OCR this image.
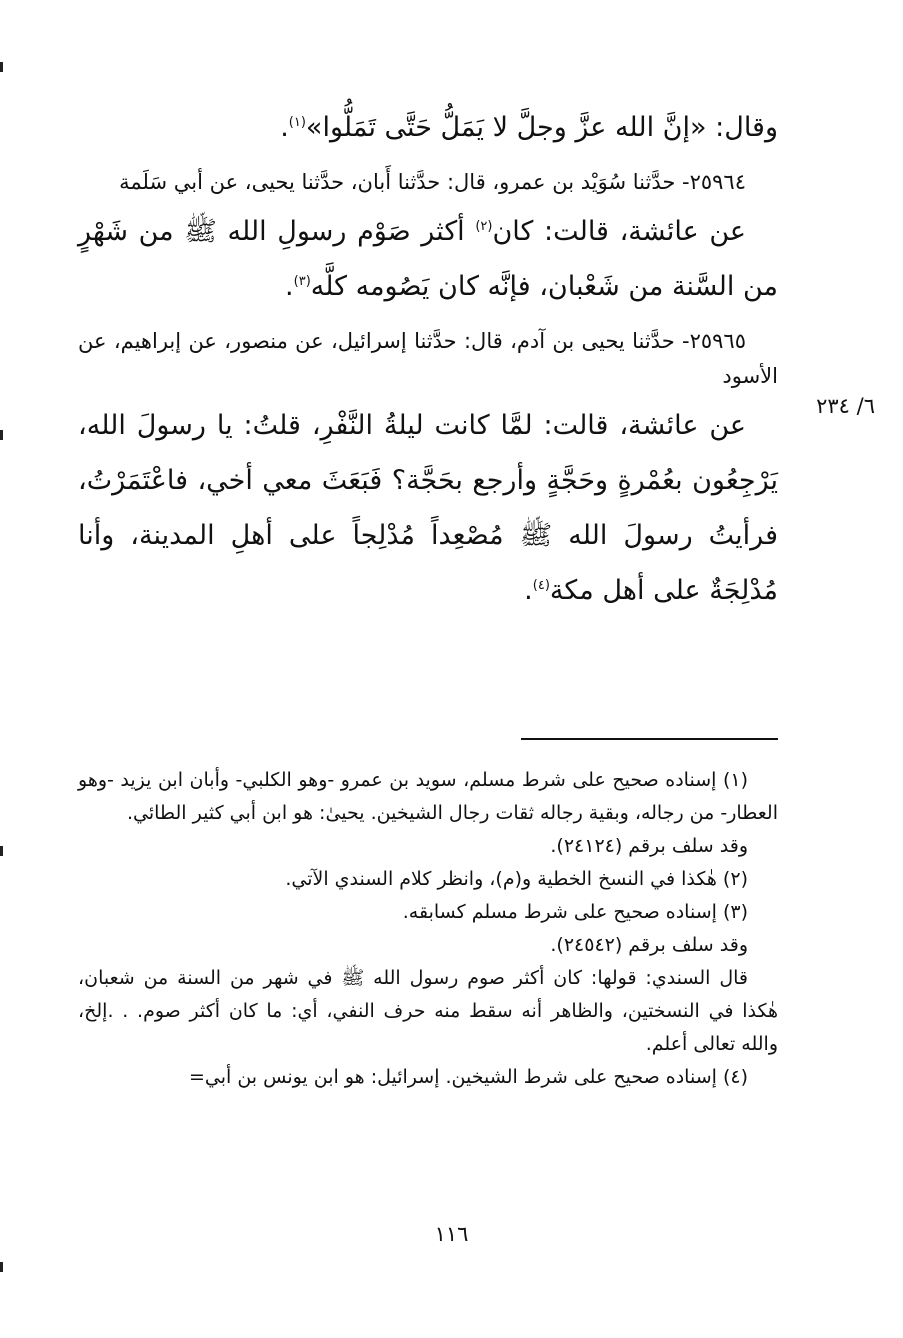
وقال: «إنَّ الله عزَّ وجلَّ لا يَمَلُّ حَتَّى تَمَلُّوا»$^{(١)}$.

٢٥٩٦٤- حدَّثنا سُوَيْد بن عمرو، قال: حدَّثنا أَبان، حدَّثنا يحيى، عن أبي سَلَمة

عن عائشة، قالت: كان$^{(٢)}$ أكثر صَوْم رسولِ الله ﷺ من شَهْرٍ من السَّنة من شَعْبان، فإنَّه كان يَصُومه كلَّه$^{(٣)}$.

٢٥٩٦٥- حدَّثنا يحيى بن آدم، قال: حدَّثنا إسرائيل، عن منصور، عن إبراهيم، عن الأسود

عن عائشة، قالت: لمَّا كانت ليلةُ النَّفْرِ، قلتُ: يا رسولَ الله، يَرْجِعُون بعُمْرةٍ وحَجَّةٍ وأرجع بحَجَّة؟ فَبَعَثَ معي أخي، فاعْتَمَرْتُ، فرأيتُ رسولَ الله ﷺ مُصْعِداً مُدْلِجاً على أهلِ المدينة، وأنا مُدْلِجَةٌ على أهل مكة$^{(٤)}$.

٦/ ٢٣٤

(١) إسناده صحيح على شرط مسلم، سويد بن عمرو -وهو الكلبي- وأبان ابن يزيد -وهو العطار- من رجاله، وبقية رجاله ثقات رجال الشيخين. يحيىٰ: هو ابن أبي كثير الطائي.

وقد سلف برقم (٢٤١٢٤).

(٢) هٰكذا في النسخ الخطية و(م)، وانظر كلام السندي الآتي.

(٣) إسناده صحيح على شرط مسلم كسابقه.

وقد سلف برقم (٢٤٥٤٢).

قال السندي: قولها: كان أكثر صوم رسول الله ﷺ في شهر من السنة من شعبان، هٰكذا في النسختين، والظاهر أنه سقط منه حرف النفي، أي: ما كان أكثر صوم. . .إلخ، والله تعالى أعلم.

(٤) إسناده صحيح على شرط الشيخين. إسرائيل: هو ابن يونس بن أبي=

١١٦
